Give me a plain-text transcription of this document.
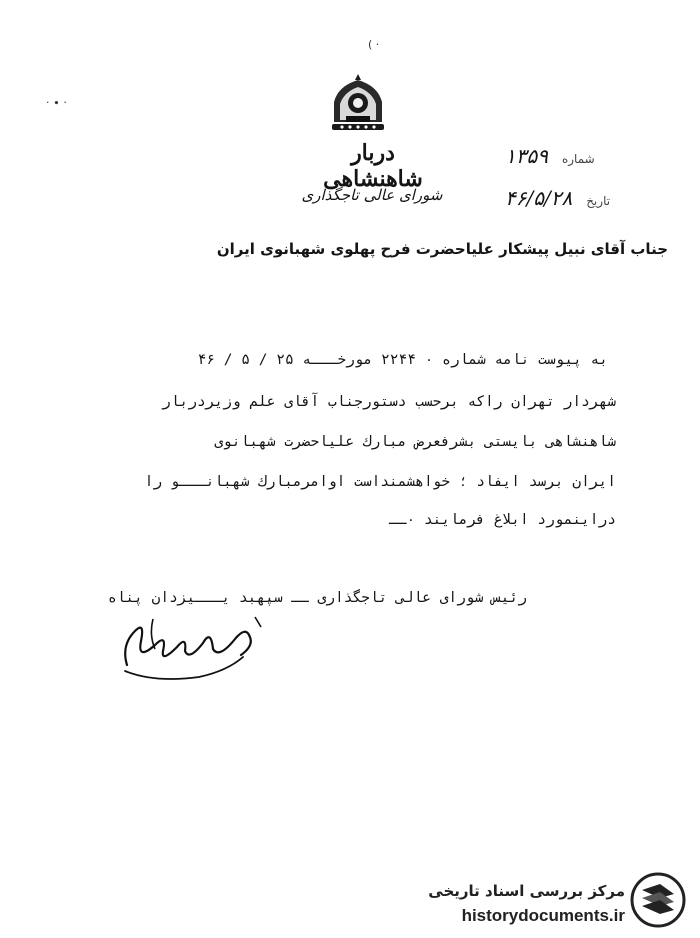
· ∙ ·
( ·
دربار شاهنشاهی
شورای عالی تاجگذاری
شماره
۱۳۵۹
تاریخ
۴۶/۵/۲۸
جناب آقای نبیل پیشکار علیاحضرت فرح پهلوی شهبانوی ایران
به پیوست نامه شماره ۰ ۲۲۴۴ مورخـــه ۲۵ / ۵ / ۴۶
شهردار تهران راکه برحسب دستورجناب آقای علم وزیردربار
شاهنشاهی بایستی بشرفعرض مبارك علیاحضرت شهبانوی
ایران برسد ایفاد ؛ خواهشمنداست اوامرمبارك شهبانـــو را
دراینمورد ابلاغ فرمایند ۰ــ
رئیس شورای عالی تاجگذاری ــ سپهبد یـــیزدان پناه
مرکز بررسی اسناد تاریخی
historydocuments.ir
